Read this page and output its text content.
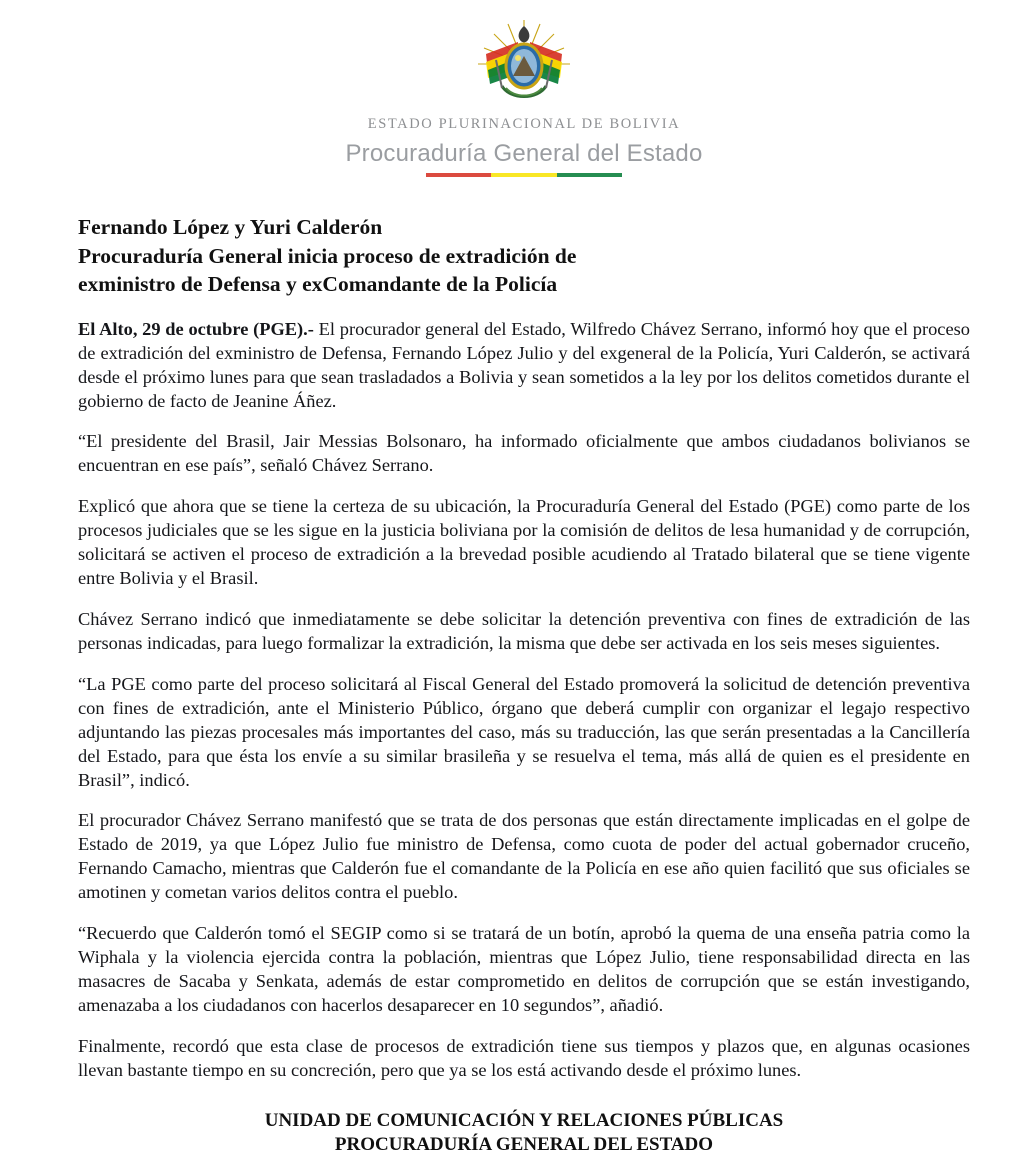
ESTADO PLURINACIONAL DE BOLIVIA
Procuraduría General del Estado
Fernando López y Yuri Calderón
Procuraduría General inicia proceso de extradición de
exministro de Defensa y exComandante de la Policía

El Alto, 29 de octubre (PGE).- El procurador general del Estado, Wilfredo Chávez Serrano, informó hoy que el proceso de extradición del exministro de Defensa, Fernando López Julio y del exgeneral de la Policía, Yuri Calderón, se activará desde el próximo lunes para que sean trasladados a Bolivia y sean sometidos a la ley por los delitos cometidos durante el gobierno de facto de Jeanine Áñez.

“El presidente del Brasil, Jair Messias Bolsonaro, ha informado oficialmente que ambos ciudadanos bolivianos se encuentran en ese país”, señaló Chávez Serrano.

Explicó que ahora que se tiene la certeza de su ubicación, la Procuraduría General del Estado (PGE) como parte de los procesos judiciales que se les sigue en la justicia boliviana por la comisión de delitos de lesa humanidad y de corrupción, solicitará se activen el proceso de extradición a la brevedad posible acudiendo al Tratado bilateral que se tiene vigente entre Bolivia y el Brasil.

Chávez Serrano indicó que inmediatamente se debe solicitar la detención preventiva con fines de extradición de las personas indicadas, para luego formalizar la extradición, la misma que debe ser activada en los seis meses siguientes.

“La PGE como parte del proceso solicitará al Fiscal General del Estado promoverá la solicitud de detención preventiva con fines de extradición, ante el Ministerio Público, órgano que deberá cumplir con organizar el legajo respectivo adjuntando las piezas procesales más importantes del caso, más su traducción, las que serán presentadas a la Cancillería del Estado, para que ésta los envíe a su similar brasileña y se resuelva el tema, más allá de quien es el presidente en Brasil”, indicó.

El procurador Chávez Serrano manifestó que se trata de dos personas que están directamente implicadas en el golpe de Estado de 2019, ya que López Julio fue ministro de Defensa, como cuota de poder del actual gobernador cruceño, Fernando Camacho, mientras que Calderón fue el comandante de la Policía en ese año quien facilitó que sus oficiales se amotinen y cometan varios delitos contra el pueblo.

“Recuerdo que Calderón tomó el SEGIP como si se tratará de un botín, aprobó la quema de una enseña patria como la Wiphala y la violencia ejercida contra la población, mientras que López Julio, tiene responsabilidad directa en las masacres de Sacaba y Senkata, además de estar comprometido en delitos de corrupción que se están investigando, amenazaba a los ciudadanos con hacerlos desaparecer en 10 segundos”, añadió.

Finalmente, recordó que esta clase de procesos de extradición tiene sus tiempos y plazos que, en algunas ocasiones llevan bastante tiempo en su concreción, pero que ya se los está activando desde el próximo lunes.

UNIDAD DE COMUNICACIÓN Y RELACIONES PÚBLICAS
PROCURADURÍA GENERAL DEL ESTADO
